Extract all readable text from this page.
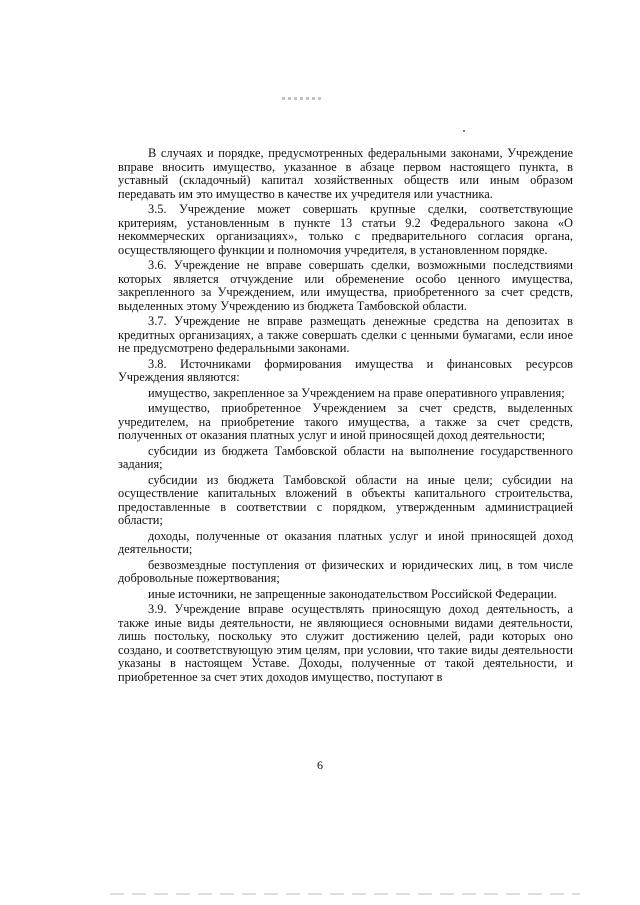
В случаях и порядке, предусмотренных федеральными законами, Учреждение вправе вносить имущество, указанное в абзаце первом настоящего пункта, в уставный (складочный) капитал хозяйственных обществ или иным образом передавать им это имущество в качестве их учредителя или участника.

3.5. Учреждение может совершать крупные сделки, соответствующие критериям, установленным в пункте 13 статьи 9.2 Федерального закона «О некоммерческих организациях», только с предварительного согласия органа, осуществляющего функции и полномочия учредителя, в установленном порядке.

3.6. Учреждение не вправе совершать сделки, возможными последствиями которых является отчуждение или обременение особо ценного имущества, закрепленного за Учреждением, или имущества, приобретенного за счет средств, выделенных этому Учреждению из бюджета Тамбовской области.

3.7. Учреждение не вправе размещать денежные средства на депозитах в кредитных организациях, а также совершать сделки с ценными бумагами, если иное не предусмотрено федеральными законами.

3.8. Источниками формирования имущества и финансовых ресурсов Учреждения являются:

имущество, закрепленное за Учреждением на праве оперативного управления;

имущество, приобретенное Учреждением за счет средств, выделенных учредителем, на приобретение такого имущества, а также за счет средств, полученных от оказания платных услуг и иной приносящей доход деятельности;

субсидии из бюджета Тамбовской области на выполнение государственного задания;

субсидии из бюджета Тамбовской области на иные цели; субсидии на осуществление капитальных вложений в объекты капитального строительства, предоставленные в соответствии с порядком, утвержденным администрацией области;

доходы, полученные от оказания платных услуг и иной приносящей доход деятельности;

безвозмездные поступления от физических и юридических лиц, в том числе добровольные пожертвования;

иные источники, не запрещенные законодательством Российской Федерации.

3.9. Учреждение вправе осуществлять приносящую доход деятельность, а также иные виды деятельности, не являющиеся основными видами деятельности, лишь постольку, поскольку это служит достижению целей, ради которых оно создано, и соответствующую этим целям, при условии, что такие виды деятельности указаны в настоящем Уставе. Доходы, полученные от такой деятельности, и приобретенное за счет этих доходов имущество, поступают в

6
